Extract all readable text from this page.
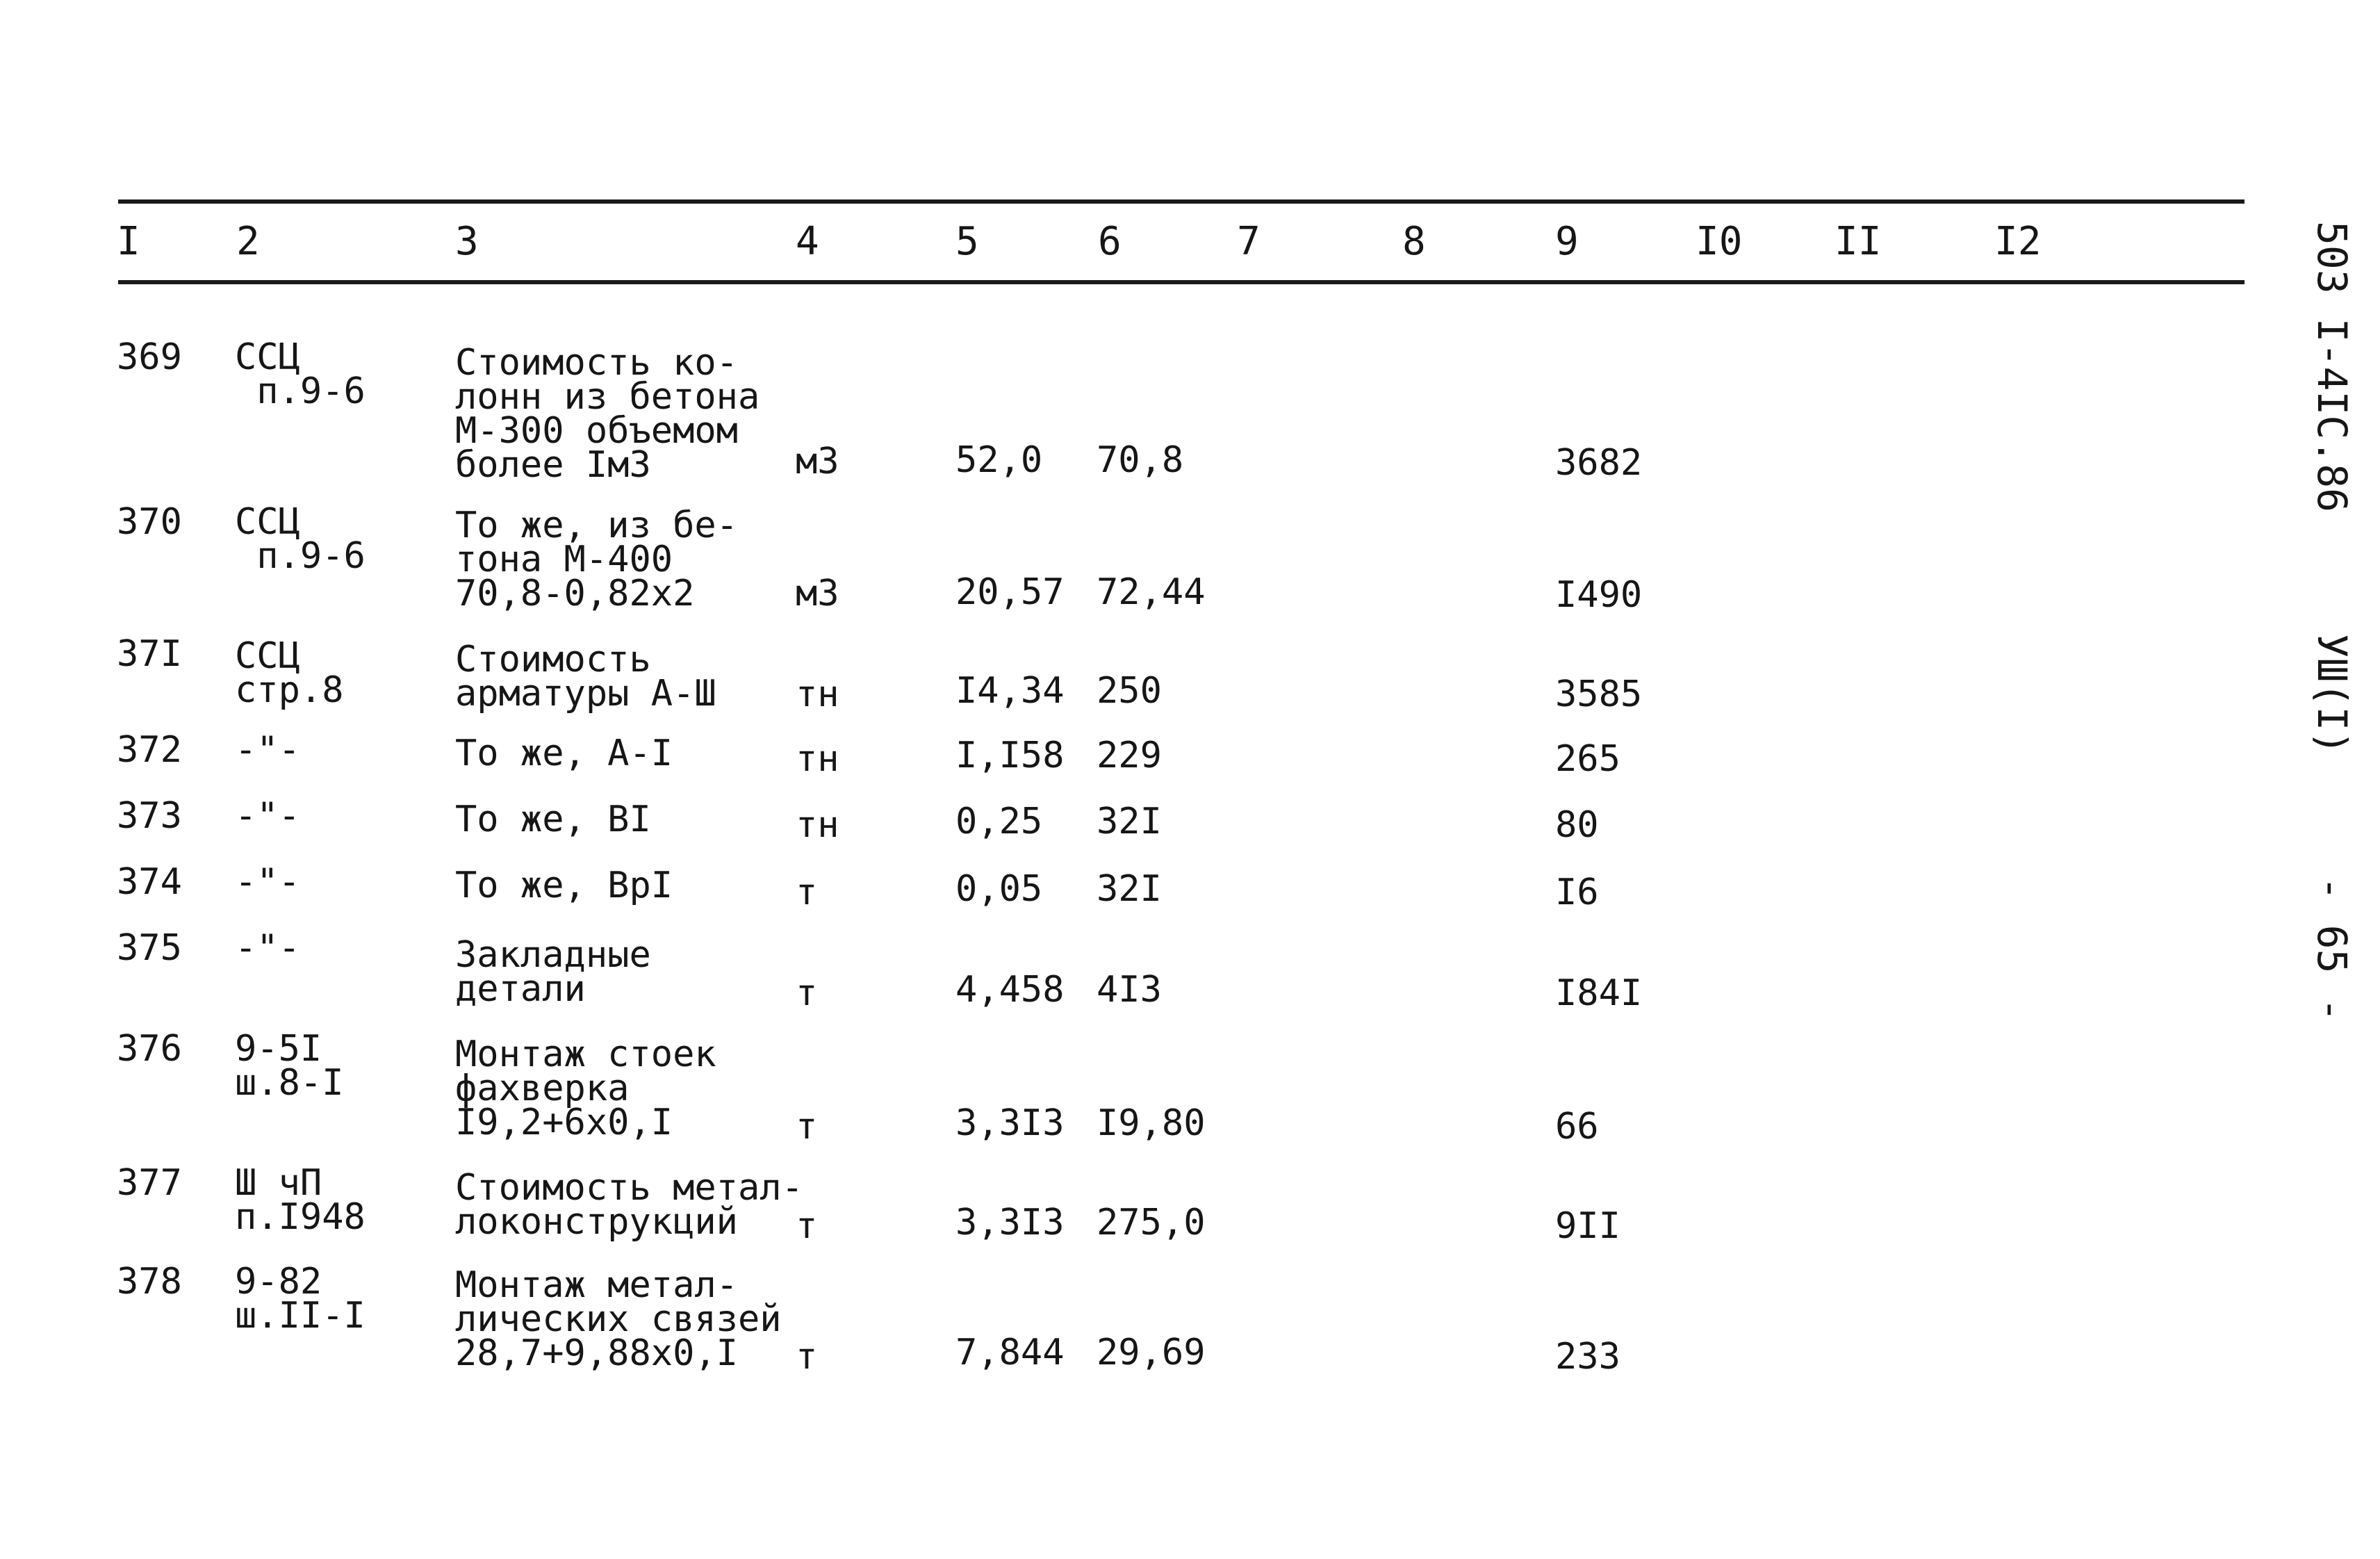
I 2	3	4	5	6	7	8	9	I0 II	I2
369 ССЦ
п.9-6
Стоимость ко-
лонн из бетона
М-300 объемом
более Iм3	м3	52,0 70,8	3682
370 ССЦ
п.9-6
То же, из бе-
тона М-400
70,8-0,82х2	м3	20,57 72,44	I490
37I ССЦ
стр.8
Стоимость
арматуры А-Ш тн	I4,34 250	3585
372 -"-	То же, А-I	тн	I,I58 229	265
373 -"-	То же, ВI	тн	0,25 32I	80
374 -"-	То же, ВрI	т	0,05 32I	I6
375 -"-	Закладные
детали	т	4,458 4I3	I84I
376 9-5I
ш.8-I
Монтаж стоек
фахверка
I9,2+6х0,I	т	3,3I3 I9,80	66
377 Ш чП
п.I948
Стоимость метал-
локонструкций	т	3,3I3 275,0	9II
378 9-82
ш.II-I
Монтаж метал-
лических связей
28,7+9,88х0,I	т	7,844 29,69	233
503 I-4IC.86     УШ(I)     - 65 -
